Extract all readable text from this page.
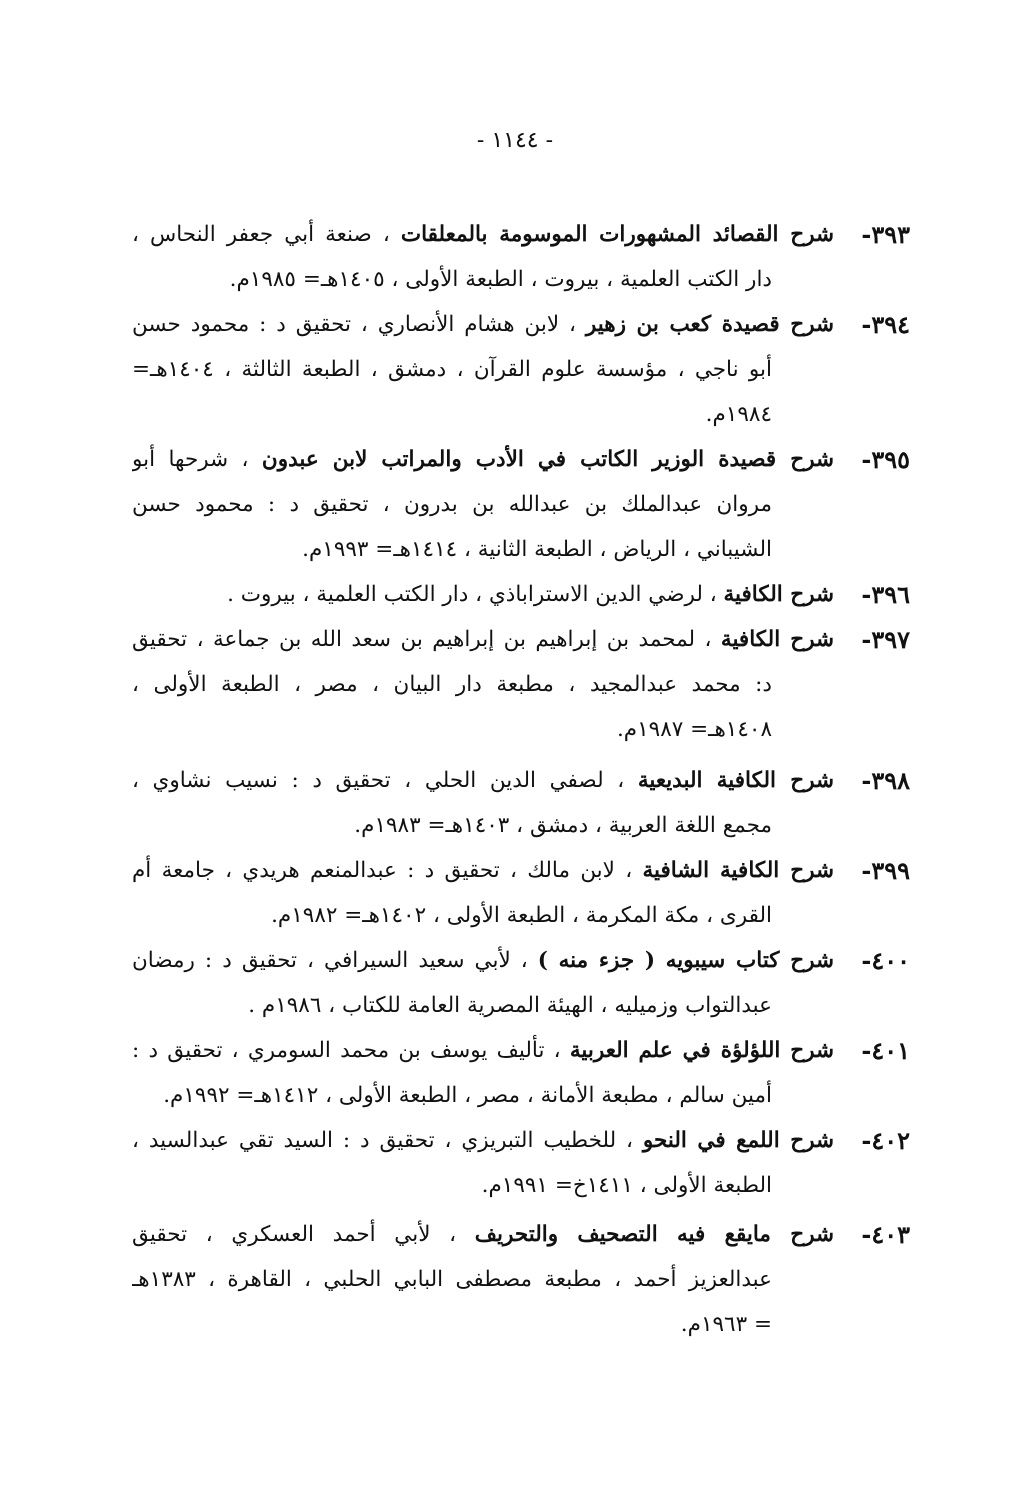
- ١١٤٤ -
٣٩٣-
شرح القصائد المشهورات الموسومة بالمعلقات ، صنعة أبي جعفر النحاس ،
دار الكتب العلمية ، بيروت ، الطبعة الأولى ، ١٤٠٥هـ= ١٩٨٥م.
٣٩٤-
شرح قصيدة كعب بن زهير ، لابن هشام الأنصاري ، تحقيق د : محمود حسن
أبو ناجي ، مؤسسة علوم القرآن ، دمشق ، الطبعة الثالثة ، ١٤٠٤هـ=
١٩٨٤م.
٣٩٥-
شرح قصيدة الوزير الكاتب في الأدب والمراتب لابن عبدون ، شرحها أبو
مروان عبدالملك بن عبدالله بن بدرون ، تحقيق د : محمود حسن
الشيباني ، الرياض ، الطبعة الثانية ، ١٤١٤هـ= ١٩٩٣م.
٣٩٦-
شرح الكافية ، لرضي الدين الاستراباذي ، دار الكتب العلمية ، بيروت .
٣٩٧-
شرح الكافية ، لمحمد بن إبراهيم بن إبراهيم بن سعد الله بن جماعة ، تحقيق
د: محمد عبدالمجيد ، مطبعة دار البيان ، مصر ، الطبعة الأولى ،
١٤٠٨هـ= ١٩٨٧م.
٣٩٨-
شرح الكافية البديعية ، لصفي الدين الحلي ، تحقيق د : نسيب نشاوي ،
مجمع اللغة العربية ، دمشق ، ١٤٠٣هـ= ١٩٨٣م.
٣٩٩-
شرح الكافية الشافية ، لابن مالك ، تحقيق د : عبدالمنعم هريدي ، جامعة أم
القرى ، مكة المكرمة ، الطبعة الأولى ، ١٤٠٢هـ= ١٩٨٢م.
٤٠٠-
شرح كتاب سيبويه ( جزء منه ) ، لأبي سعيد السيرافي ، تحقيق د : رمضان
عبدالتواب وزميليه ، الهيئة المصرية العامة للكتاب ، ١٩٨٦م .
٤٠١-
شرح اللؤلؤة في علم العربية ، تأليف يوسف بن محمد السومري ، تحقيق د :
أمين سالم ، مطبعة الأمانة ، مصر ، الطبعة الأولى ، ١٤١٢هـ= ١٩٩٢م.
٤٠٢-
شرح اللمع في النحو ، للخطيب التبريزي ، تحقيق د : السيد تقي عبدالسيد ،
الطبعة الأولى ، ١٤١١خ= ١٩٩١م.
٤٠٣-
شرح مايقع فيه التصحيف والتحريف ، لأبي أحمد العسكري ، تحقيق
عبدالعزيز أحمد ، مطبعة مصطفى البابي الحلبي ، القاهرة ، ١٣٨٣هـ
= ١٩٦٣م.
